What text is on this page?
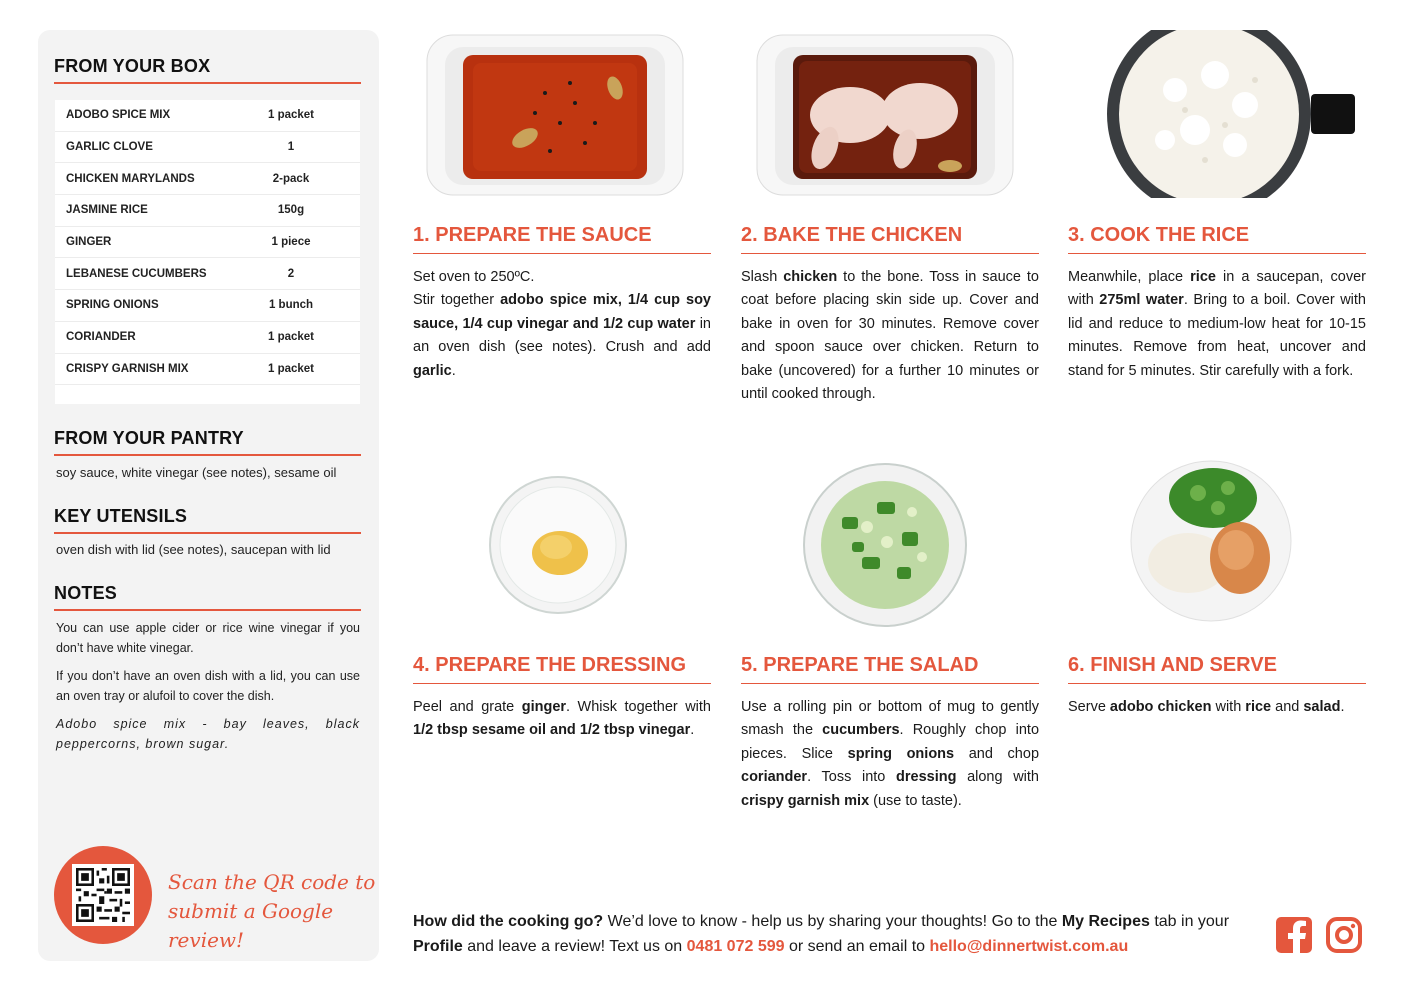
FROM YOUR BOX
ADOBO SPICE MIX	1 packet
GARLIC CLOVE	1
CHICKEN MARYLANDS	2-pack
JASMINE RICE	150g
GINGER	1 piece
LEBANESE CUCUMBERS	2
SPRING ONIONS	1 bunch
CORIANDER	1 packet
CRISPY GARNISH MIX	1 packet
FROM YOUR PANTRY

soy sauce, white vinegar (see notes), sesame oil

KEY UTENSILS

oven dish with lid (see notes), saucepan with lid

NOTES

You can use apple cider or rice wine vinegar if you don’t have white vinegar.

If you don’t have an oven dish with a lid, you can use an oven tray or alufoil to cover the dish.

Adobo spice mix - bay leaves, black peppercorns, brown sugar.

Scan the QR code to
submit a Google review!
1. PREPARE THE SAUCE

Set oven to 250ºC.
Stir together adobo spice mix, 1/4 cup soy sauce, 1/4 cup vinegar and 1/2 cup water in an oven dish (see notes). Crush and add garlic.

2. BAKE THE CHICKEN

Slash chicken to the bone. Toss in sauce to coat before placing skin side up. Cover and bake in oven for 30 minutes. Remove cover and spoon sauce over chicken. Return to bake (uncovered) for a further 10 minutes or until cooked through.

3. COOK THE RICE

Meanwhile, place rice in a saucepan, cover with 275ml water. Bring to a boil. Cover with lid and reduce to medium-low heat for 10-15 minutes. Remove from heat, uncover and stand for 5 minutes. Stir carefully with a fork.

4. PREPARE THE DRESSING

Peel and grate ginger. Whisk together with 1/2 tbsp sesame oil and 1/2 tbsp vinegar.

5. PREPARE THE SALAD

Use a rolling pin or bottom of mug to gently smash the cucumbers. Roughly chop into pieces. Slice spring onions and chop coriander. Toss into dressing along with crispy garnish mix (use to taste).

6. FINISH AND SERVE

Serve adobo chicken with rice and salad.

How did the cooking go? We’d love to know - help us by sharing your thoughts! Go to the My Recipes tab in your Profile and leave a review! Text us on 0481 072 599 or send an email to hello@dinnertwist.com.au
